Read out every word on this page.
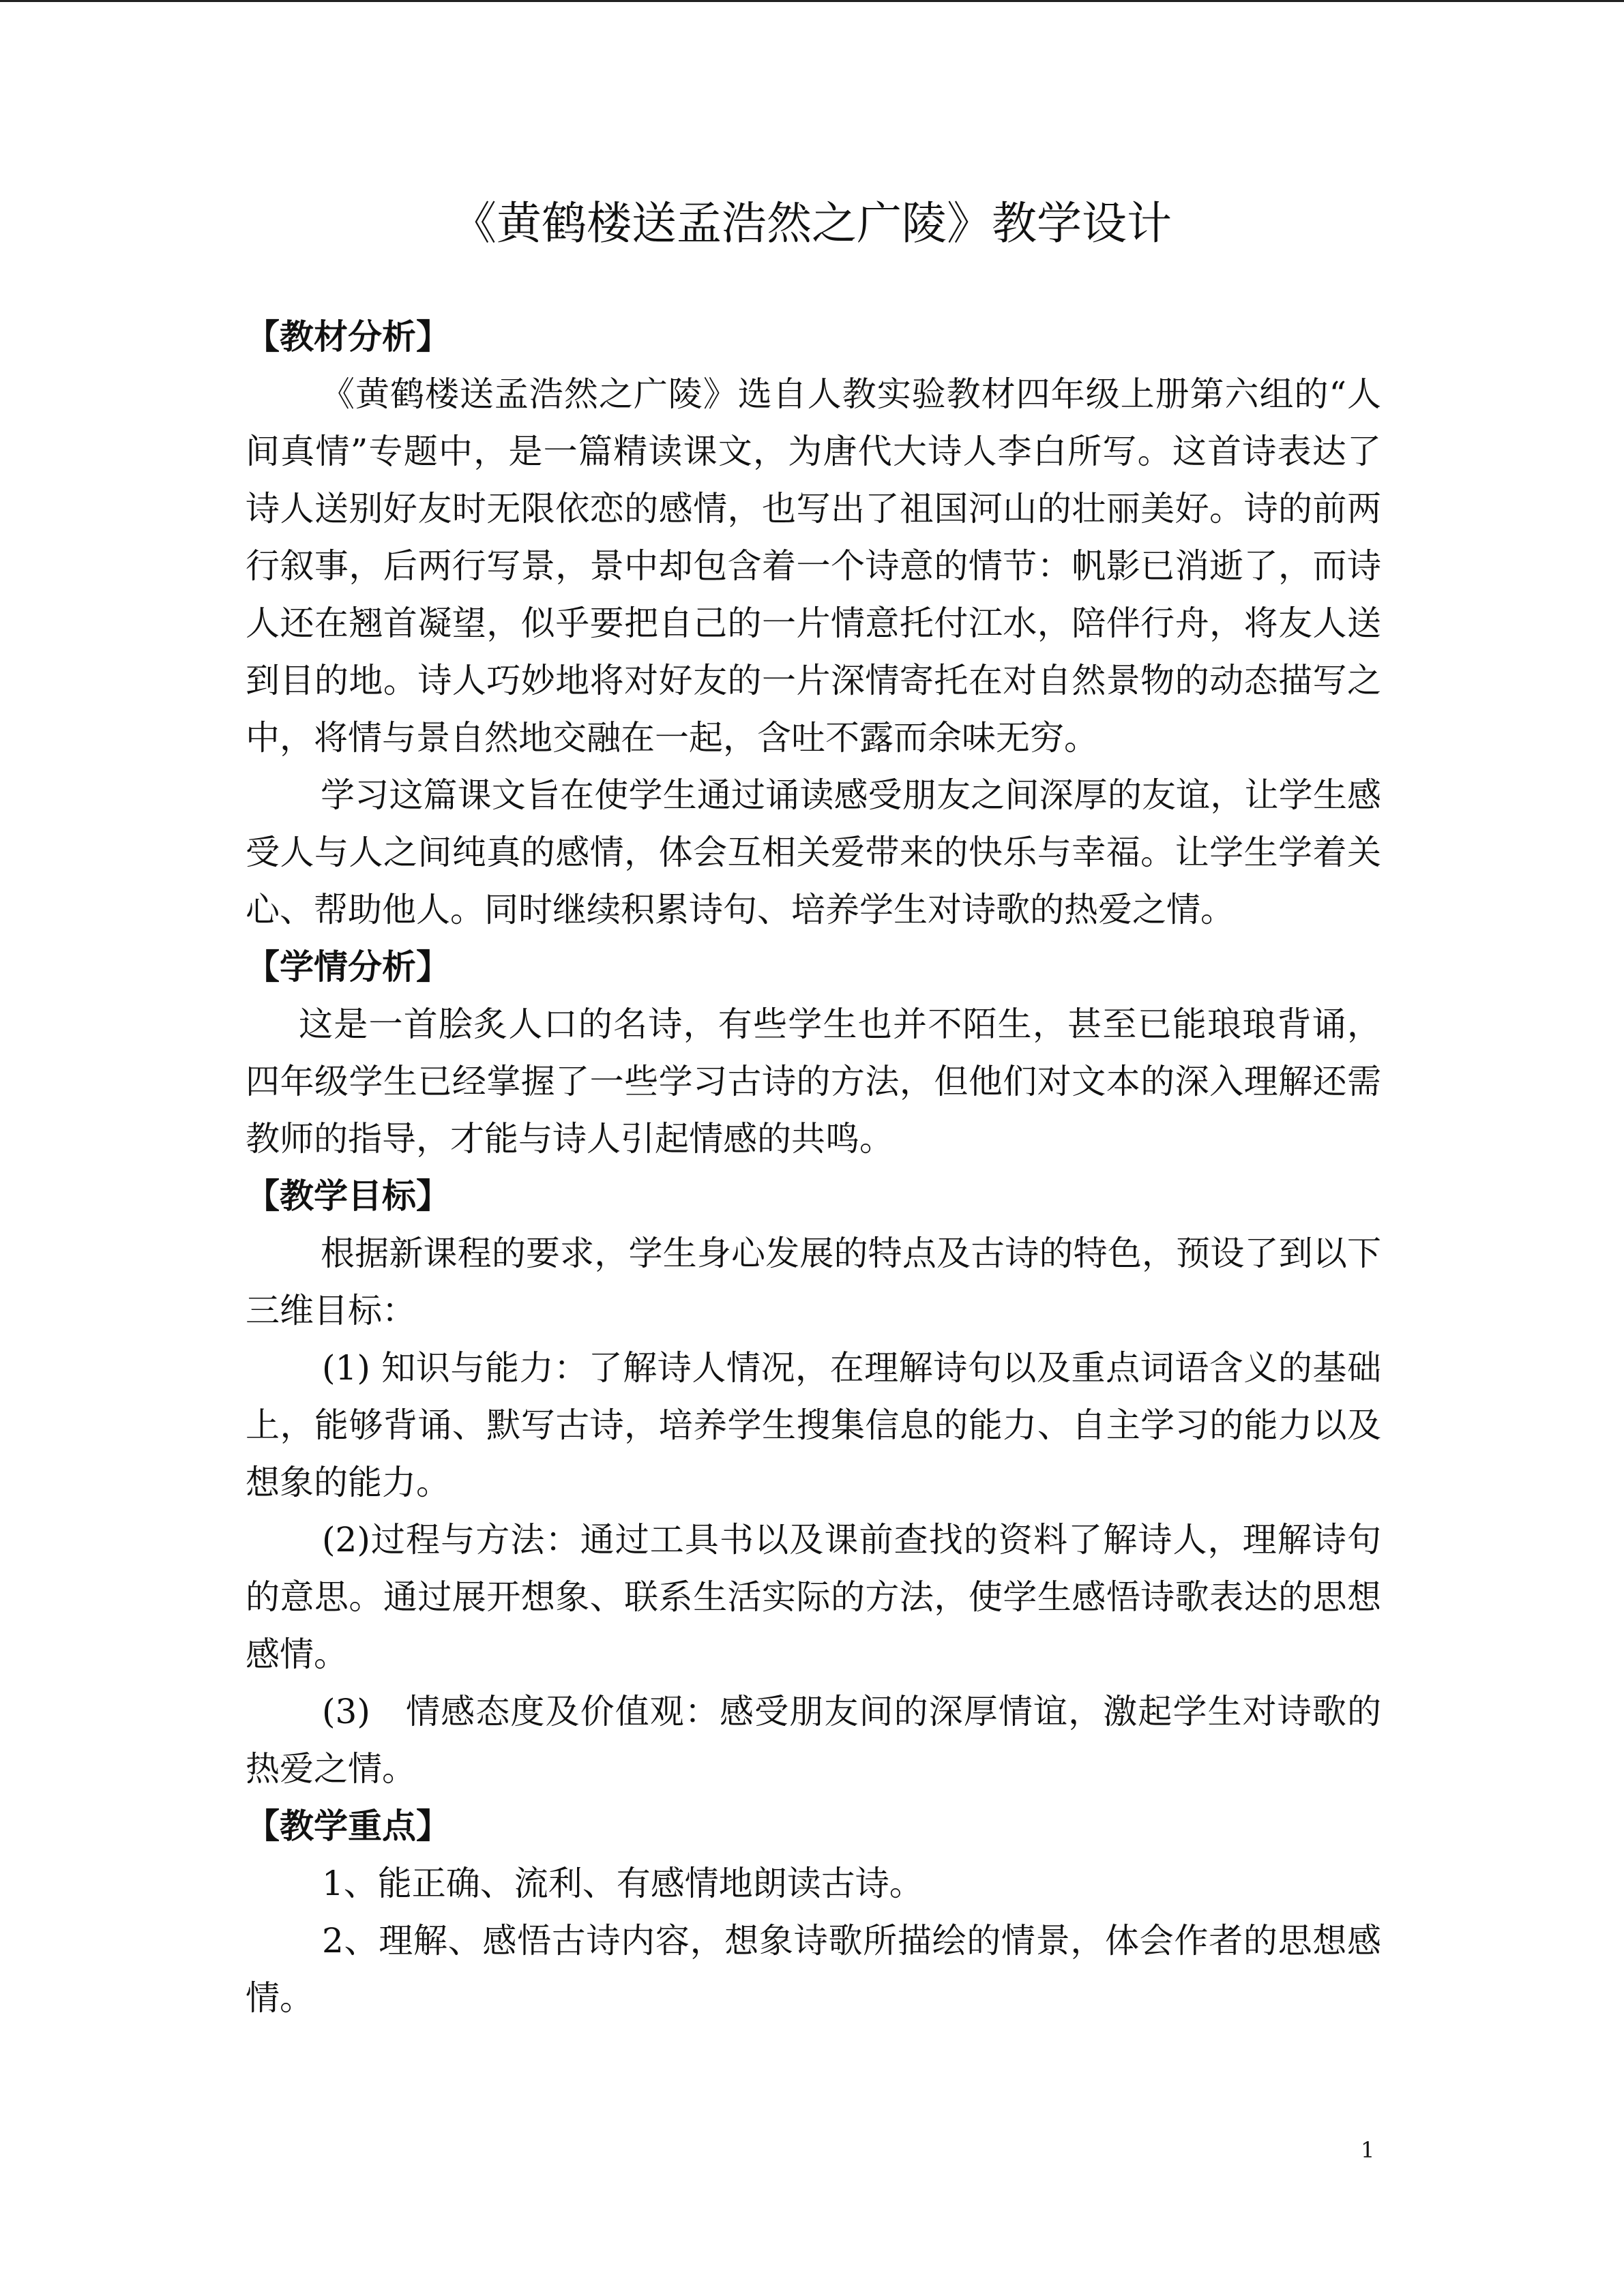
《黄鹤楼送孟浩然之广陵》教学设计

【教材分析】

《黄鹤楼送孟浩然之广陵》选自人教实验教材四年级上册第六组的“人间真情”专题中，是一篇精读课文，为唐代大诗人李白所写。这首诗表达了诗人送别好友时无限依恋的感情，也写出了祖国河山的壮丽美好。诗的前两行叙事，后两行写景，景中却包含着一个诗意的情节：帆影已消逝了，而诗人还在翘首凝望，似乎要把自己的一片情意托付江水，陪伴行舟，将友人送到目的地。诗人巧妙地将对好友的一片深情寄托在对自然景物的动态描写之中，将情与景自然地交融在一起，含吐不露而余味无穷。

学习这篇课文旨在使学生通过诵读感受朋友之间深厚的友谊，让学生感受人与人之间纯真的感情，体会互相关爱带来的快乐与幸福。让学生学着关心、帮助他人。同时继续积累诗句、培养学生对诗歌的热爱之情。

【学情分析】

这是一首脍炙人口的名诗，有些学生也并不陌生，甚至已能琅琅背诵，四年级学生已经掌握了一些学习古诗的方法，但他们对文本的深入理解还需教师的指导，才能与诗人引起情感的共鸣。

【教学目标】

根据新课程的要求，学生身心发展的特点及古诗的特色，预设了到以下三维目标：

(1) 知识与能力：了解诗人情况，在理解诗句以及重点词语含义的基础上，能够背诵、默写古诗，培养学生搜集信息的能力、自主学习的能力以及想象的能力。

(2)过程与方法：通过工具书以及课前查找的资料了解诗人，理解诗句的意思。通过展开想象、联系生活实际的方法，使学生感悟诗歌表达的思想感情。

(3)　情感态度及价值观：感受朋友间的深厚情谊，激起学生对诗歌的热爱之情。

【教学重点】

1、能正确、流利、有感情地朗读古诗。

2、理解、感悟古诗内容，想象诗歌所描绘的情景，体会作者的思想感情。

1
